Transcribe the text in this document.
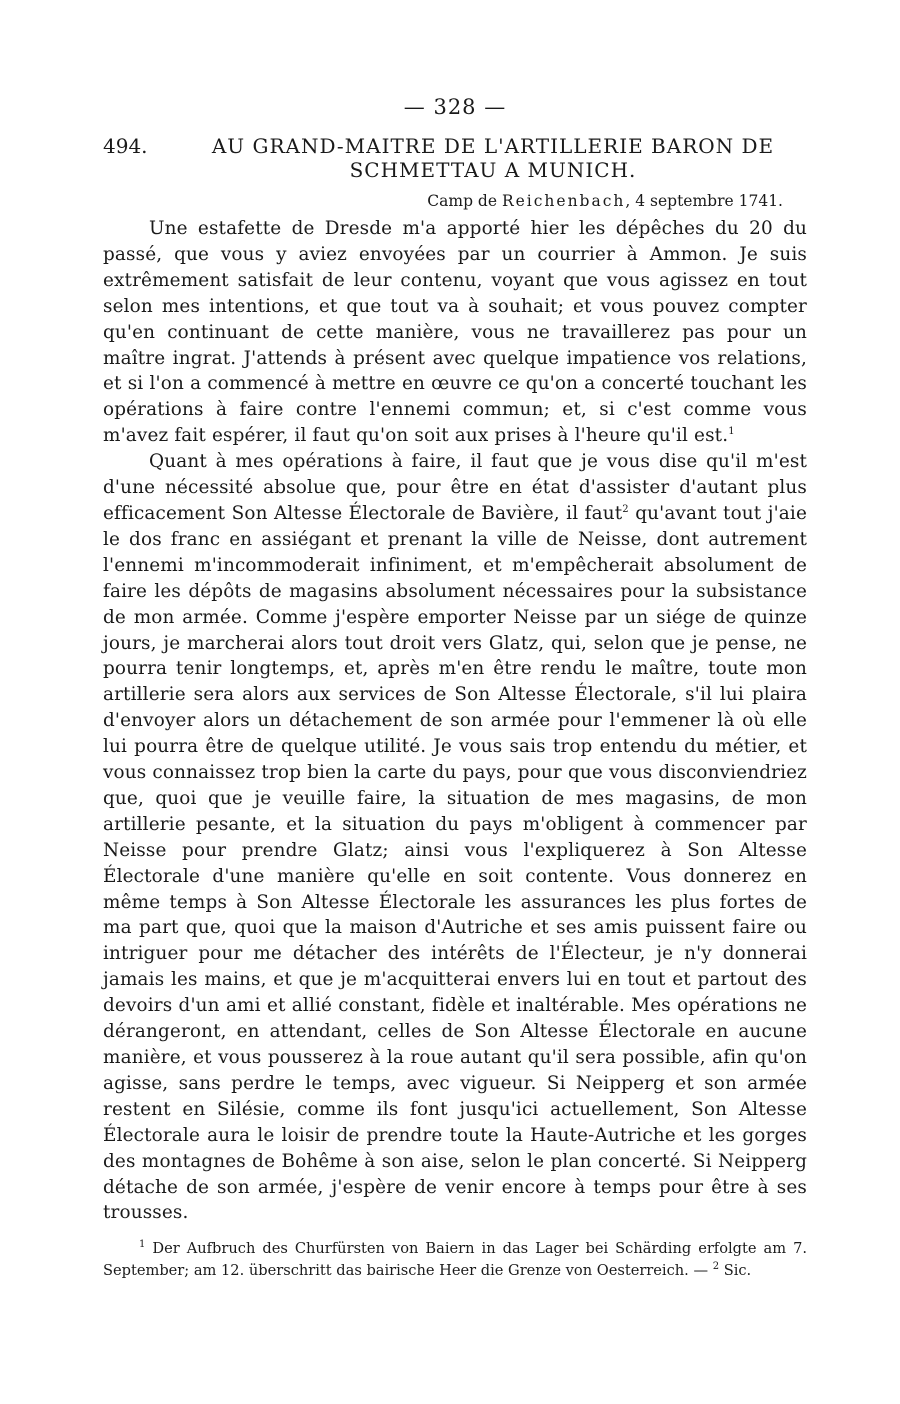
— 328 —
494.	AU GRAND-MAITRE DE L'ARTILLERIE BARON DE
SCHMETTAU A MUNICH.
Camp de Reichenbach, 4 septembre 1741.

Une estafette de Dresde m'a apporté hier les dépêches du 20 du passé, que vous y aviez envoyées par un courrier à Ammon. Je suis extrêmement satisfait de leur contenu, voyant que vous agissez en tout selon mes intentions, et que tout va à souhait; et vous pouvez compter qu'en continuant de cette manière, vous ne travaillerez pas pour un maître ingrat. J'attends à présent avec quelque impatience vos relations, et si l'on a commencé à mettre en œuvre ce qu'on a concerté touchant les opérations à faire contre l'ennemi commun; et, si c'est comme vous m'avez fait espérer, il faut qu'on soit aux prises à l'heure qu'il est.$^1$

Quant à mes opérations à faire, il faut que je vous dise qu'il m'est d'une nécessité absolue que, pour être en état d'assister d'autant plus efficacement Son Altesse Électorale de Bavière, il faut$^2$ qu'avant tout j'aie le dos franc en assiégant et prenant la ville de Neisse, dont autrement l'ennemi m'incommoderait infiniment, et m'empêcherait absolument de faire les dépôts de magasins absolument nécessaires pour la subsistance de mon armée. Comme j'espère emporter Neisse par un siége de quinze jours, je marcherai alors tout droit vers Glatz, qui, selon que je pense, ne pourra tenir longtemps, et, après m'en être rendu le maître, toute mon artillerie sera alors aux services de Son Altesse Électorale, s'il lui plaira d'envoyer alors un détachement de son armée pour l'emmener là où elle lui pourra être de quelque utilité. Je vous sais trop entendu du métier, et vous connaissez trop bien la carte du pays, pour que vous disconviendriez que, quoi que je veuille faire, la situation de mes magasins, de mon artillerie pesante, et la situation du pays m'obligent à commencer par Neisse pour prendre Glatz; ainsi vous l'expliquerez à Son Altesse Électorale d'une manière qu'elle en soit contente. Vous donnerez en même temps à Son Altesse Électorale les assurances les plus fortes de ma part que, quoi que la maison d'Autriche et ses amis puissent faire ou intriguer pour me détacher des intérêts de l'Électeur, je n'y donnerai jamais les mains, et que je m'acquitterai envers lui en tout et partout des devoirs d'un ami et allié constant, fidèle et inaltérable. Mes opérations ne dérangeront, en attendant, celles de Son Altesse Électorale en aucune manière, et vous pousserez à la roue autant qu'il sera possible, afin qu'on agisse, sans perdre le temps, avec vigueur. Si Neipperg et son armée restent en Silésie, comme ils font jusqu'ici actuellement, Son Altesse Électorale aura le loisir de prendre toute la Haute-Autriche et les gorges des montagnes de Bohême à son aise, selon le plan concerté. Si Neipperg détache de son armée, j'espère de venir encore à temps pour être à ses trousses.

$^1$ Der Aufbruch des Churfürsten von Baiern in das Lager bei Schärding erfolgte am 7. September; am 12. überschritt das bairische Heer die Grenze von Oesterreich. — $^2$ Sic.
